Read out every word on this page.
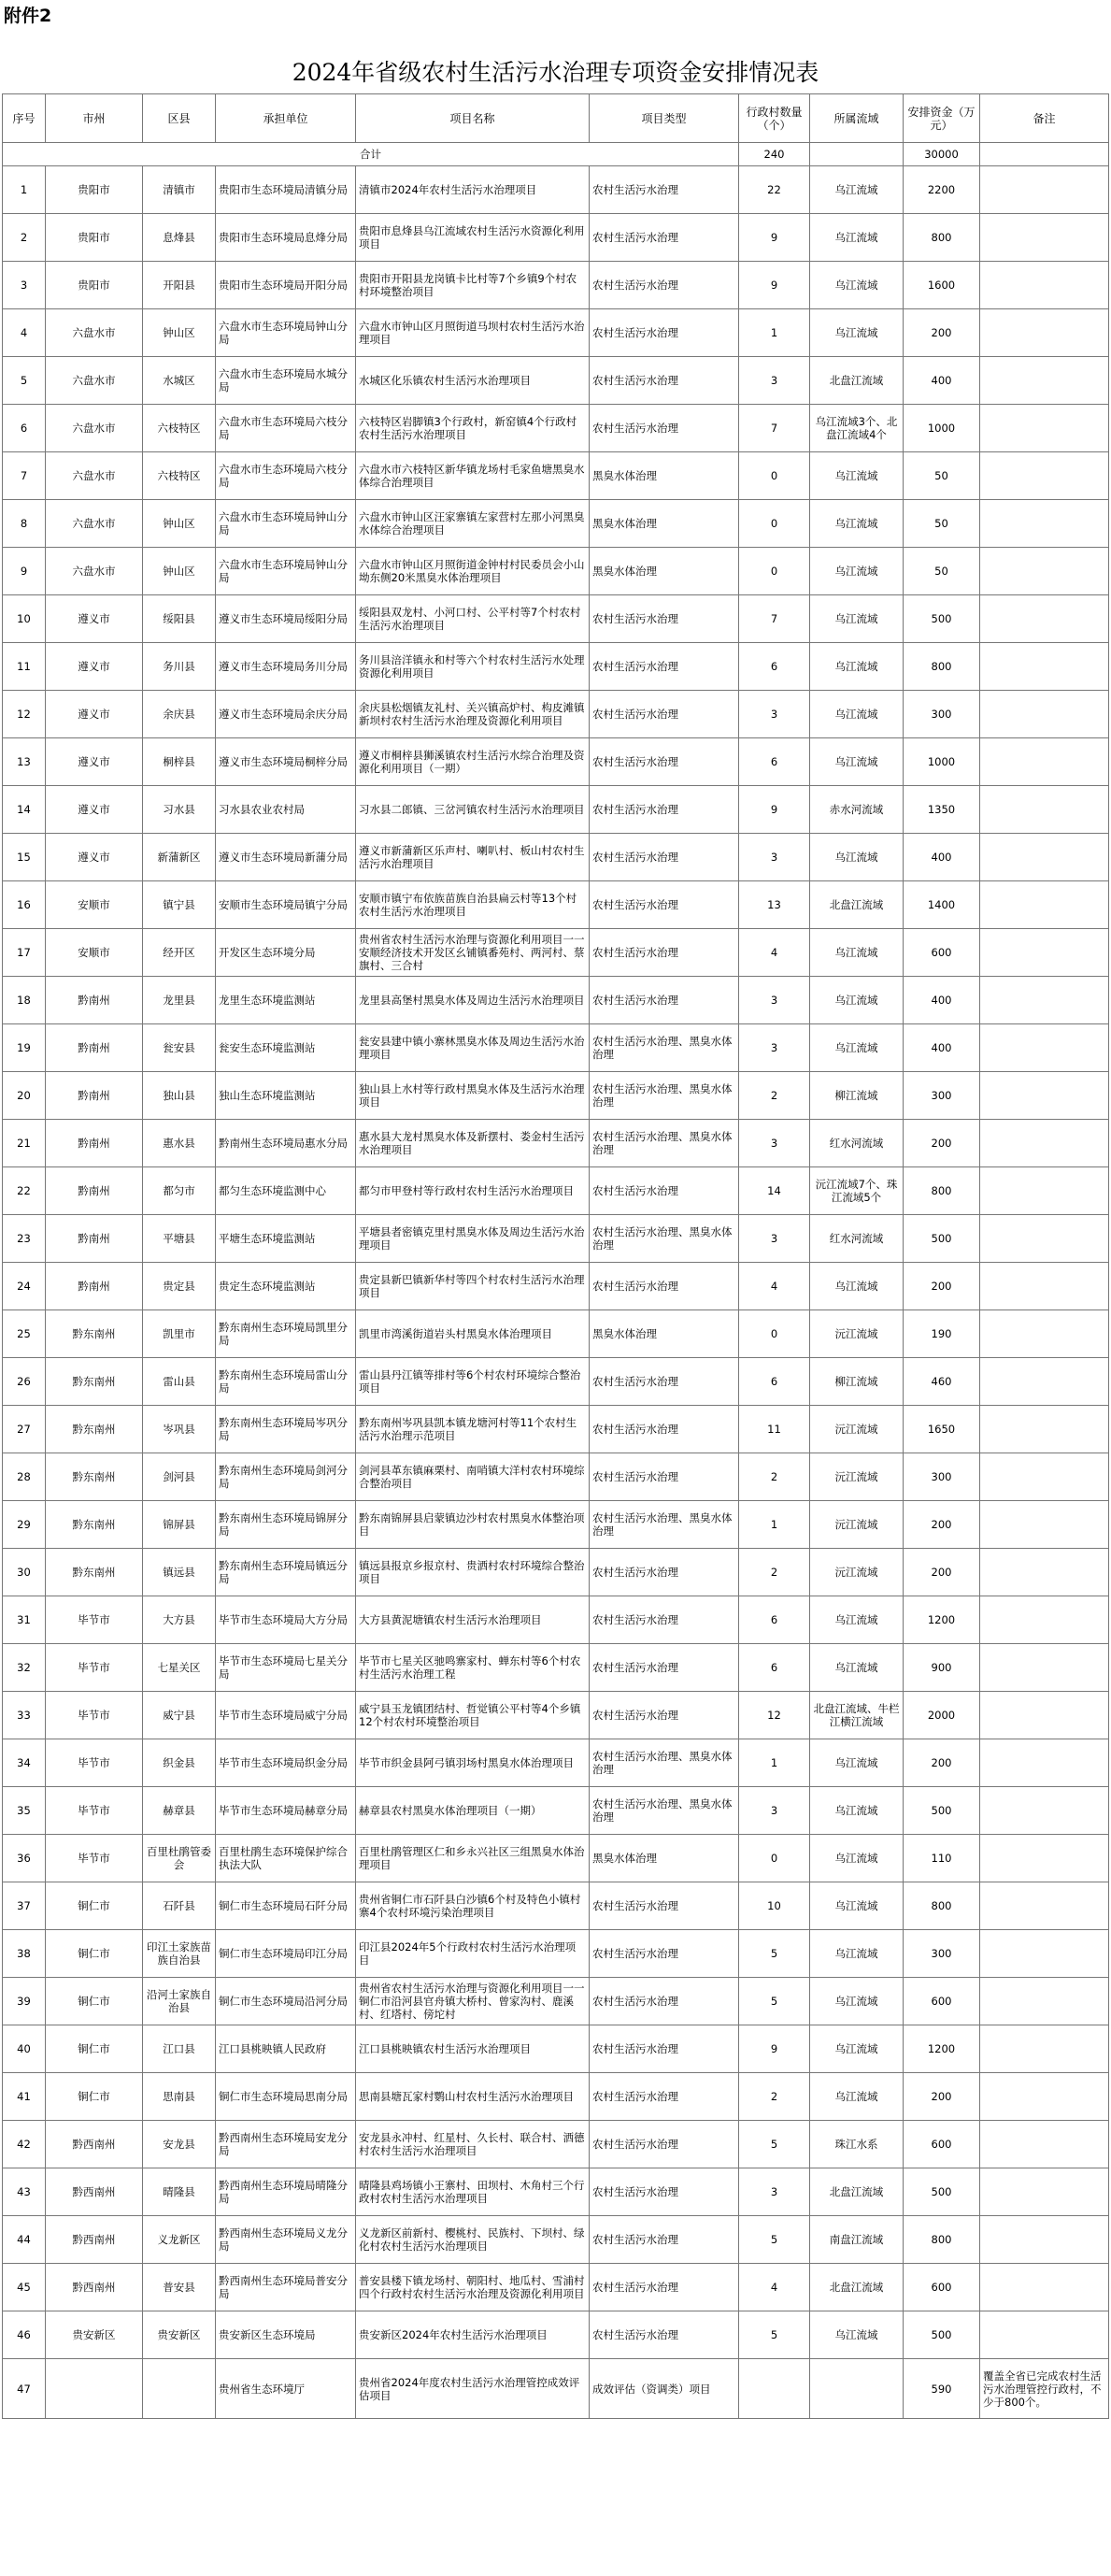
附件2
2024年省级农村生活污水治理专项资金安排情况表
序号	市州	区县	承担单位	项目名称	项目类型	行政村数量（个）	所属流域	安排资金（万元）	备注
合计						240		30000	
1	贵阳市	清镇市	贵阳市生态环境局清镇分局	清镇市2024年农村生活污水治理项目	农村生活污水治理	22	乌江流域	2200	
2	贵阳市	息烽县	贵阳市生态环境局息烽分局	贵阳市息烽县乌江流域农村生活污水资源化利用项目	农村生活污水治理	9	乌江流域	800	
3	贵阳市	开阳县	贵阳市生态环境局开阳分局	贵阳市开阳县龙岗镇卡比村等7个乡镇9个村农村环境整治项目	农村生活污水治理	9	乌江流域	1600	
4	六盘水市	钟山区	六盘水市生态环境局钟山分局	六盘水市钟山区月照街道马坝村农村生活污水治理项目	农村生活污水治理	1	乌江流域	200	
5	六盘水市	水城区	六盘水市生态环境局水城分局	水城区化乐镇农村生活污水治理项目	农村生活污水治理	3	北盘江流域	400	
6	六盘水市	六枝特区	六盘水市生态环境局六枝分局	六枝特区岩脚镇3个行政村，新窑镇4个行政村农村生活污水治理项目	农村生活污水治理	7	乌江流域3个、北盘江流域4个	1000	
7	六盘水市	六枝特区	六盘水市生态环境局六枝分局	六盘水市六枝特区新华镇龙场村毛家鱼塘黑臭水体综合治理项目	黑臭水体治理	0	乌江流域	50	
8	六盘水市	钟山区	六盘水市生态环境局钟山分局	六盘水市钟山区汪家寨镇左家营村左那小河黑臭水体综合治理项目	黑臭水体治理	0	乌江流域	50	
9	六盘水市	钟山区	六盘水市生态环境局钟山分局	六盘水市钟山区月照街道金钟村村民委员会小山坳东侧20米黑臭水体治理项目	黑臭水体治理	0	乌江流域	50	
10	遵义市	绥阳县	遵义市生态环境局绥阳分局	绥阳县双龙村、小河口村、公平村等7个村农村生活污水治理项目	农村生活污水治理	7	乌江流域	500	
11	遵义市	务川县	遵义市生态环境局务川分局	务川县涪洋镇永和村等六个村农村生活污水处理资源化利用项目	农村生活污水治理	6	乌江流域	800	
12	遵义市	余庆县	遵义市生态环境局余庆分局	余庆县松烟镇友礼村、关兴镇高炉村、构皮滩镇新坝村农村生活污水治理及资源化利用项目	农村生活污水治理	3	乌江流域	300	
13	遵义市	桐梓县	遵义市生态环境局桐梓分局	遵义市桐梓县狮溪镇农村生活污水综合治理及资源化利用项目（一期）	农村生活污水治理	6	乌江流域	1000	
14	遵义市	习水县	习水县农业农村局	习水县二郎镇、三岔河镇农村生活污水治理项目	农村生活污水治理	9	赤水河流域	1350	
15	遵义市	新蒲新区	遵义市生态环境局新蒲分局	遵义市新蒲新区乐声村、喇叭村、板山村农村生活污水治理项目	农村生活污水治理	3	乌江流域	400	
16	安顺市	镇宁县	安顺市生态环境局镇宁分局	安顺市镇宁布依族苗族自治县扁云村等13个村农村生活污水治理项目	农村生活污水治理	13	北盘江流域	1400	
17	安顺市	经开区	开发区生态环境分局	贵州省农村生活污水治理与资源化利用项目一一安顺经济技术开发区幺铺镇番苑村、两河村、蔡旗村、三合村	农村生活污水治理	4	乌江流域	600	
18	黔南州	龙里县	龙里生态环境监测站	龙里县高堡村黑臭水体及周边生活污水治理项目	农村生活污水治理	3	乌江流域	400	
19	黔南州	瓮安县	瓮安生态环境监测站	瓮安县建中镇小寨林黑臭水体及周边生活污水治理项目	农村生活污水治理、黑臭水体治理	3	乌江流域	400	
20	黔南州	独山县	独山生态环境监测站	独山县上水村等行政村黑臭水体及生活污水治理项目	农村生活污水治理、黑臭水体治理	2	柳江流域	300	
21	黔南州	惠水县	黔南州生态环境局惠水分局	惠水县大龙村黑臭水体及新摆村、娄金村生活污水治理项目	农村生活污水治理、黑臭水体治理	3	红水河流域	200	
22	黔南州	都匀市	都匀生态环境监测中心	都匀市甲登村等行政村农村生活污水治理项目	农村生活污水治理	14	沅江流域7个、珠江流域5个	800	
23	黔南州	平塘县	平塘生态环境监测站	平塘县者密镇克里村黑臭水体及周边生活污水治理项目	农村生活污水治理、黑臭水体治理	3	红水河流域	500	
24	黔南州	贵定县	贵定生态环境监测站	贵定县新巴镇新华村等四个村农村生活污水治理项目	农村生活污水治理	4	乌江流域	200	
25	黔东南州	凯里市	黔东南州生态环境局凯里分局	凯里市湾溪街道岩头村黑臭水体治理项目	黑臭水体治理	0	沅江流域	190	
26	黔东南州	雷山县	黔东南州生态环境局雷山分局	雷山县丹江镇等排村等6个村农村环境综合整治项目	农村生活污水治理	6	柳江流域	460	
27	黔东南州	岑巩县	黔东南州生态环境局岑巩分局	黔东南州岑巩县凯本镇龙塘河村等11个农村生活污水治理示范项目	农村生活污水治理	11	沅江流域	1650	
28	黔东南州	剑河县	黔东南州生态环境局剑河分局	剑河县革东镇麻栗村、南哨镇大洋村农村环境综合整治项目	农村生活污水治理	2	沅江流域	300	
29	黔东南州	锦屏县	黔东南州生态环境局锦屏分局	黔东南锦屏县启蒙镇边沙村农村黑臭水体整治项目	农村生活污水治理、黑臭水体治理	1	沅江流域	200	
30	黔东南州	镇远县	黔东南州生态环境局镇远分局	镇远县报京乡报京村、贵洒村农村环境综合整治项目	农村生活污水治理	2	沅江流域	200	
31	毕节市	大方县	毕节市生态环境局大方分局	大方县黄泥塘镇农村生活污水治理项目	农村生活污水治理	6	乌江流域	1200	
32	毕节市	七星关区	毕节市生态环境局七星关分局	毕节市七星关区驰鸣寨家村、蝉东村等6个村农村生活污水治理工程	农村生活污水治理	6	乌江流域	900	
33	毕节市	威宁县	毕节市生态环境局威宁分局	威宁县玉龙镇团结村、哲觉镇公平村等4个乡镇12个村农村环境整治项目	农村生活污水治理	12	北盘江流域、牛栏江横江流域	2000	
34	毕节市	织金县	毕节市生态环境局织金分局	毕节市织金县阿弓镇羽场村黑臭水体治理项目	农村生活污水治理、黑臭水体治理	1	乌江流域	200	
35	毕节市	赫章县	毕节市生态环境局赫章分局	赫章县农村黑臭水体治理项目（一期）	农村生活污水治理、黑臭水体治理	3	乌江流域	500	
36	毕节市	百里杜鹃管委会	百里杜鹃生态环境保护综合执法大队	百里杜鹃管理区仁和乡永兴社区三组黑臭水体治理项目	黑臭水体治理	0	乌江流域	110	
37	铜仁市	石阡县	铜仁市生态环境局石阡分局	贵州省铜仁市石阡县白沙镇6个村及特色小镇村寨4个农村环境污染治理项目	农村生活污水治理	10	乌江流域	800	
38	铜仁市	印江土家族苗族自治县	铜仁市生态环境局印江分局	印江县2024年5个行政村农村生活污水治理项目	农村生活污水治理	5	乌江流域	300	
39	铜仁市	沿河土家族自治县	铜仁市生态环境局沿河分局	贵州省农村生活污水治理与资源化利用项目一一铜仁市沿河县官舟镇大桥村、曾家沟村、鹿溪村、红塔村、傍坨村	农村生活污水治理	5	乌江流域	600	
40	铜仁市	江口县	江口县桃映镇人民政府	江口县桃映镇农村生活污水治理项目	农村生活污水治理	9	乌江流域	1200	
41	铜仁市	思南县	铜仁市生态环境局思南分局	思南县塘瓦家村鹦山村农村生活污水治理项目	农村生活污水治理	2	乌江流域	200	
42	黔西南州	安龙县	黔西南州生态环境局安龙分局	安龙县永冲村、红星村、久长村、联合村、洒德村农村生活污水治理项目	农村生活污水治理	5	珠江水系	600	
43	黔西南州	晴隆县	黔西南州生态环境局晴隆分局	晴隆县鸡场镇小王寨村、田坝村、木角村三个行政村农村生活污水治理项目	农村生活污水治理	3	北盘江流域	500	
44	黔西南州	义龙新区	黔西南州生态环境局义龙分局	义龙新区前新村、樱桃村、民族村、下坝村、绿化村农村生活污水治理项目	农村生活污水治理	5	南盘江流域	800	
45	黔西南州	普安县	黔西南州生态环境局普安分局	普安县楼下镇龙场村、朝阳村、地瓜村、雪浦村四个行政村农村生活污水治理及资源化利用项目	农村生活污水治理	4	北盘江流域	600	
46	贵安新区	贵安新区	贵安新区生态环境局	贵安新区2024年农村生活污水治理项目	农村生活污水治理	5	乌江流域	500	
47			贵州省生态环境厅	贵州省2024年度农村生活污水治理管控成效评估项目	成效评估（资调类）项目			590	覆盖全省已完成农村生活污水治理管控行政村，不少于800个。
